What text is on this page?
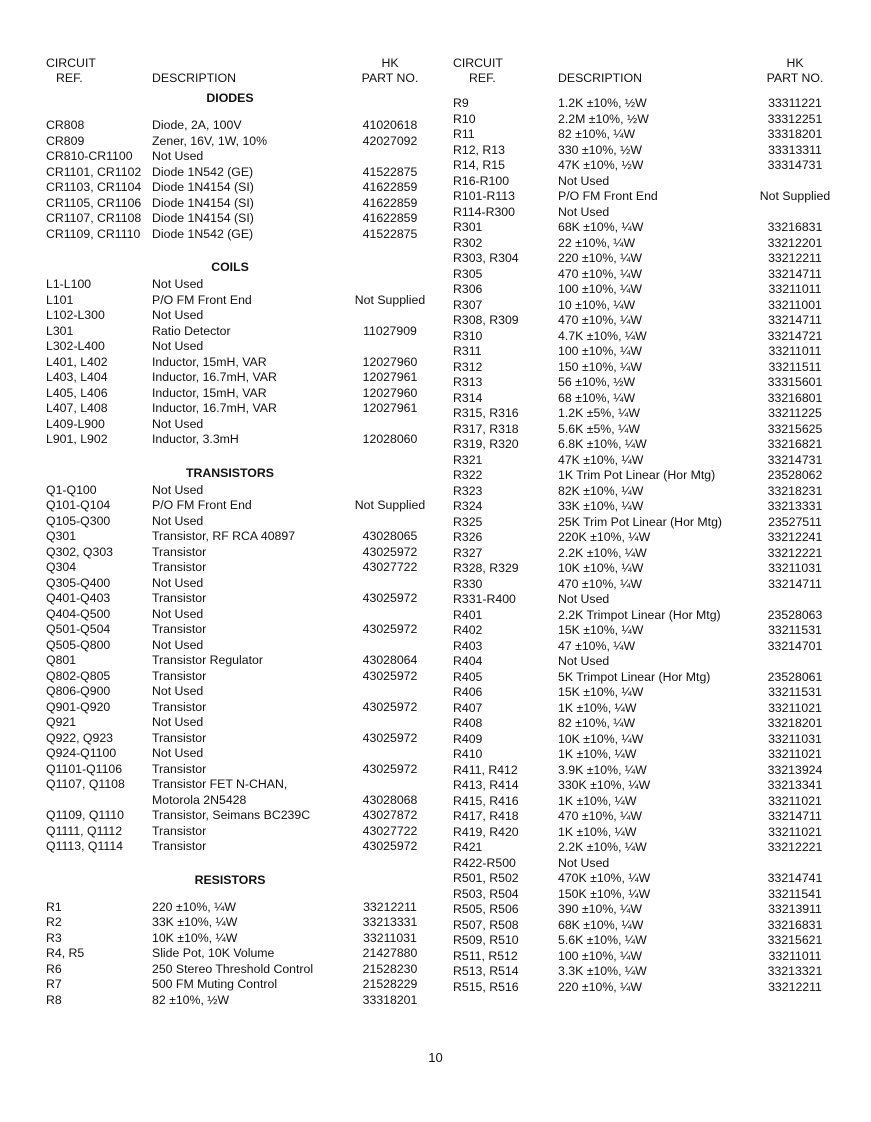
CIRCUIT
REF.	DESCRIPTION
HK
PART NO.
DIODES
CR808	Diode, 2A, 100V	41020618
CR809	Zener, 16V, 1W, 10%	42027092
CR810-CR1100 Not Used
CR1101, CR1102 Diode 1N542 (GE)	41522875
CR1103, CR1104 Diode 1N4154 (SI)	41622859
CR1105, CR1106 Diode 1N4154 (SI)	41622859
CR1107, CR1108 Diode 1N4154 (SI)	41622859
CR1109, CR1110 Diode 1N542 (GE)	41522875
COILS
L1-L100	Not Used
L101	P/O FM Front End	Not Supplied
L102-L300	Not Used
L301	Ratio Detector	11027909
L302-L400	Not Used
L401, L402	Inductor, 15mH, VAR	12027960
L403, L404	Inductor, 16.7mH, VAR	12027961
L405, L406	Inductor, 15mH, VAR	12027960
L407, L408	Inductor, 16.7mH, VAR	12027961
L409-L900	Not Used
L901, L902	Inductor, 3.3mH	12028060
TRANSISTORS
Q1-Q100	Not Used
Q101-Q104	P/O FM Front End	Not Supplied
Q105-Q300	Not Used
Q301	Transistor, RF RCA 40897	43028065
Q302, Q303	Transistor	43025972
Q304	Transistor	43027722
Q305-Q400	Not Used
Q401-Q403	Transistor	43025972
Q404-Q500	Not Used
Q501-Q504	Transistor	43025972
Q505-Q800	Not Used
Q801	Transistor Regulator	43028064
Q802-Q805	Transistor	43025972
Q806-Q900	Not Used
Q901-Q920	Transistor	43025972
Q921	Not Used
Q922, Q923	Transistor	43025972
Q924-Q1100	Not Used
Q1101-Q1106 Transistor	43025972
Q1107, Q1108 Transistor FET N-CHAN,
Motorola 2N5428	43028068
Q1109, Q1110 Transistor, Seimans BC239C	43027872
Q1111, Q1112 Transistor	43027722
Q1113, Q1114 Transistor	43025972
RESISTORS
R1	220 ±10%, ¼W	33212211
R2	33K ±10%, ¼W	33213331
R3	10K ±10%, ¼W	33211031
R4, R5	Slide Pot, 10K Volume	21427880
R6	250 Stereo Threshold Control	21528230
R7	500 FM Muting Control	21528229
R8	82 ±10%, ½W	33318201
CIRCUIT
REF.	DESCRIPTION
HK
PART NO.
R9	1.2K ±10%, ½W	33311221
R10	2.2M ±10%, ½W	33312251
R11	82 ±10%, ¼W	33318201
R12, R13	330 ±10%, ½W	33313311
R14, R15	47K ±10%, ½W	33314731
R16-R100	Not Used
R101-R113	P/O FM Front End	Not Supplied
R114-R300	Not Used
R301	68K ±10%, ¼W	33216831
R302	22 ±10%, ¼W	33212201
R303, R304	220 ±10%, ¼W	33212211
R305	470 ±10%, ¼W	33214711
R306	100 ±10%, ¼W	33211011
R307	10 ±10%, ¼W	33211001
R308, R309	470 ±10%, ¼W	33214711
R310	4.7K ±10%, ¼W	33214721
R311	100 ±10%, ¼W	33211011
R312	150 ±10%, ¼W	33211511
R313	56 ±10%, ½W	33315601
R314	68 ±10%, ¼W	33216801
R315, R316	1.2K ±5%, ¼W	33211225
R317, R318	5.6K ±5%, ¼W	33215625
R319, R320	6.8K ±10%, ¼W	33216821
R321	47K ±10%, ¼W	33214731
R322	1K Trim Pot Linear (Hor Mtg)	23528062
R323	82K ±10%, ¼W	33218231
R324	33K ±10%, ¼W	33213331
R325	25K Trim Pot Linear (Hor Mtg)	23527511
R326	220K ±10%, ¼W	33212241
R327	2.2K ±10%, ¼W	33212221
R328, R329	10K ±10%, ¼W	33211031
R330	470 ±10%, ¼W	33214711
R331-R400	Not Used
R401	2.2K Trimpot Linear (Hor Mtg)	23528063
R402	15K ±10%, ¼W	33211531
R403	47 ±10%, ¼W	33214701
R404	Not Used
R405	5K Trimpot Linear (Hor Mtg)	23528061
R406	15K ±10%, ¼W	33211531
R407	1K ±10%, ¼W	33211021
R408	82 ±10%, ¼W	33218201
R409	10K ±10%, ¼W	33211031
R410	1K ±10%, ¼W	33211021
R411, R412	3.9K ±10%, ¼W	33213924
R413, R414	330K ±10%, ¼W	33213341
R415, R416	1K ±10%, ¼W	33211021
R417, R418	470 ±10%, ¼W	33214711
R419, R420	1K ±10%, ¼W	33211021
R421	2.2K ±10%, ¼W	33212221
R422-R500	Not Used
R501, R502	470K ±10%, ¼W	33214741
R503, R504	150K ±10%, ¼W	33211541
R505, R506	390 ±10%, ¼W	33213911
R507, R508	68K ±10%, ¼W	33216831
R509, R510	5.6K ±10%, ¼W	33215621
R511, R512	100 ±10%, ¼W	33211011
R513, R514	3.3K ±10%, ¼W	33213321
R515, R516	220 ±10%, ¼W	33212211
10
